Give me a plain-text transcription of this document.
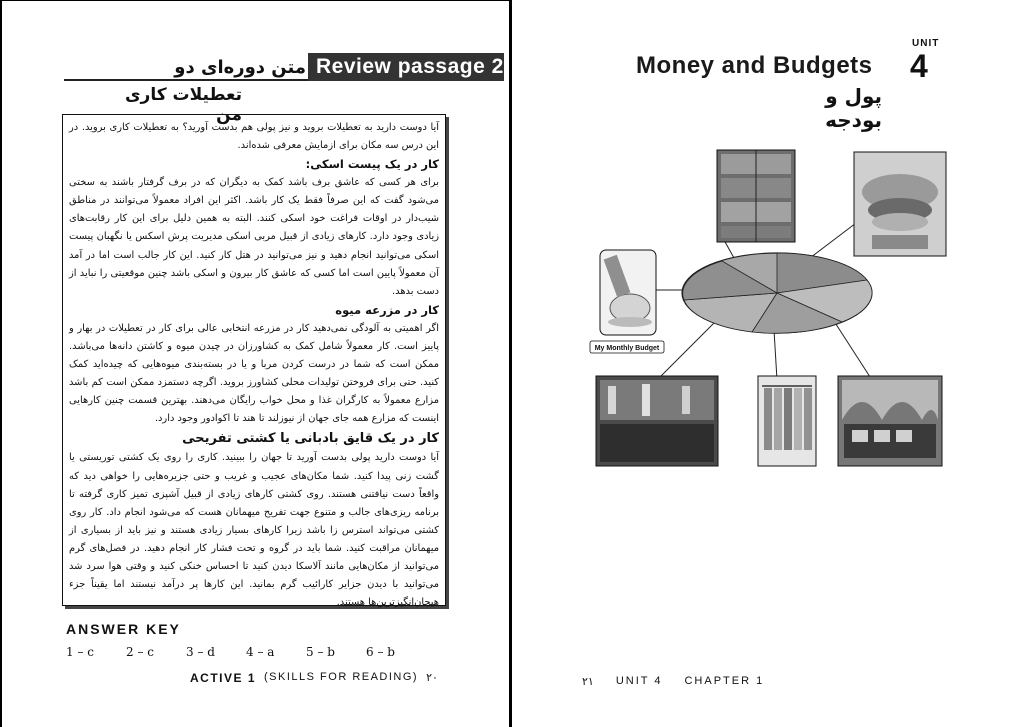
متن دوره‌ای دو Review passage 2
تعطیلات کاری من

آیا دوست دارید به تعطیلات بروید و نیز پولی هم بدست آورید؟ به تعطیلات کاری بروید. در این درس سه مکان برای ازمایش معرفی شده‌اند.

کار در یک پیست اسکی:

برای هر کسی که عاشق برف باشد کمک به دیگران که در برف گرفتار باشند به سختی می‌شود گفت که این صرفاً فقط یک کار باشد. اکثر این افراد معمولاً می‌توانند در مناطق شیب‌دار در اوقات فراغت خود اسکی کنند. البته به همین دلیل برای این کار رقابت‌های زیادی وجود دارد. کارهای زیادی از قبیل مربی اسکی مدیریت پرش اسکس یا نگهبان پیست اسکی می‌توانید انجام دهید و نیز می‌توانید در هتل کار کنید. این کار جالب است اما در آمد آن معمولاً پایین است اما کسی که عاشق کار بیرون و اسکی باشد چنین موقعیتی را نباید از دست بدهد.

کار در مزرعه میوه

اگر اهمیتی به آلودگی نمی‌دهید کار در مزرعه انتخابی عالی برای کار در تعطیلات در بهار و پاییز است. کار معمولاً شامل کمک به کشاورزان در چیدن میوه و کاشتن دانه‌ها می‌باشد. ممکن است که شما در درست کردن مربا و یا در بسته‌بندی میوه‌هایی که چیده‌اید کمک کنید. حتی برای فروختن تولیدات محلی کشاورز بروید. اگرچه دستمزد ممکن است کم باشد مزارع معمولاً به کارگران غذا و محل خواب رایگان می‌دهند. بهترین قسمت چنین کارهایی اینست که مزارع همه جای جهان از نیوزلند تا هند تا اکوادور وجود دارد.

کار در یک قایق بادبانی یا کشتی تفریحی

آیا دوست دارید پولی بدست آورید تا جهان را ببینید. کاری را روی یک کشتی توریستی یا گشت زنی پیدا کنید. شما مکان‌های عجیب و غریب و حتی جزیره‌هایی را خواهی دید که واقعاً دست نیافتنی هستند. روی کشتی کارهای زیادی از قبیل آشپزی تمیز کاری گرفته تا برنامه ریزی‌های جالب و متنوع جهت تفریح میهمانان هست که می‌شود انجام داد. کار روی کشتی می‌تواند استرس زا باشد زیرا کارهای بسیار زیادی هستند و نیز باید از بسیاری از میهمانان مراقبت کنید. شما باید در گروه و تحت فشار کار انجام دهید. در فصل‌های گرم می‌توانید از مکان‌هایی مانند آلاسکا دیدن کنید تا احساس خنکی کنید و وقتی هوا سرد شد می‌توانید با دیدن جزایر کارائیب گرم بمانید. این کارها پر درآمد نیستند اما یقیناً جزء هیجان‌انگیزترین‌ها هستند.

ANSWER KEY
1 – c	2 – c	3 – d	4 – a	5 – b	6 – b
ACTIVE 1 (SKILLS FOR READING) ۲۰
UNIT
4
Money and Budgets
پول و بودجه
My Monthly Budget
۲۱ UNIT 4 CHAPTER 1
